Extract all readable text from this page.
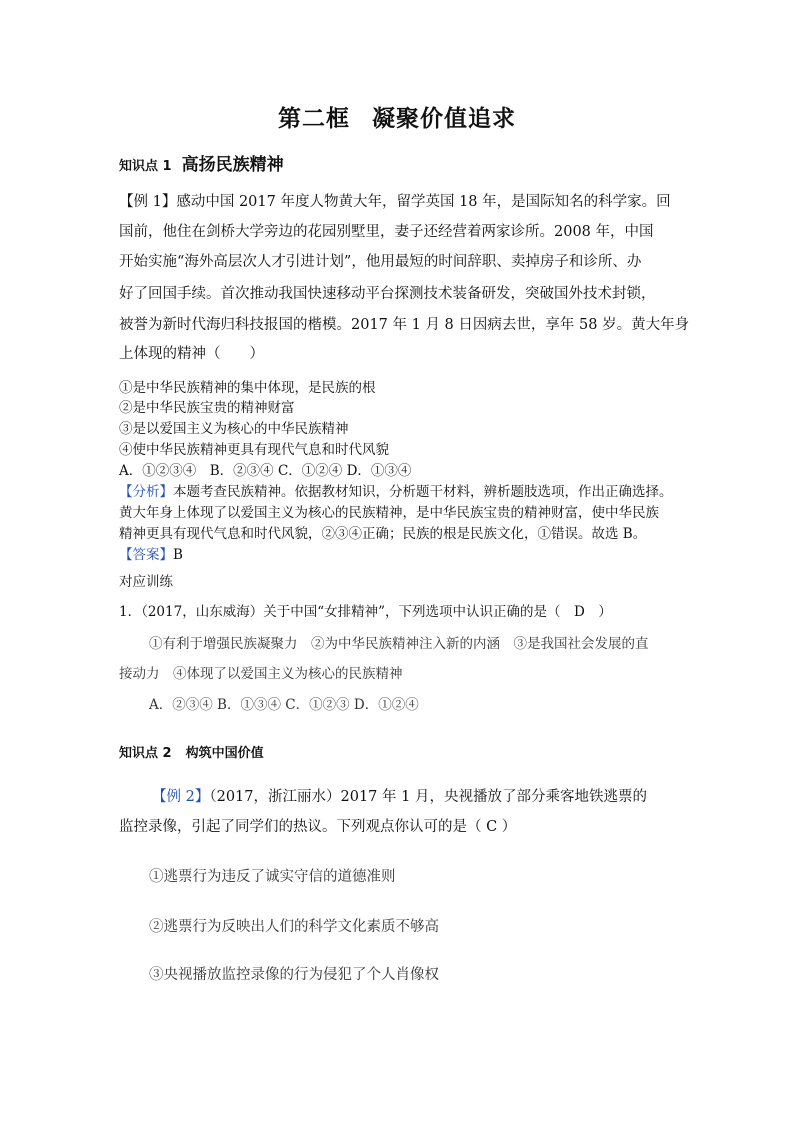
第二框 凝聚价值追求
知识点 1 高扬民族精神
【例 1】感动中国 2017 年度人物黄大年，留学英国 18 年，是国际知名的科学家。回
国前，他住在剑桥大学旁边的花园别墅里，妻子还经营着两家诊所。2008 年，中国
开始实施“海外高层次人才引进计划”，他用最短的时间辞职、卖掉房子和诊所、办
好了回国手续。首次推动我国快速移动平台探测技术装备研发，突破国外技术封锁，
被誉为新时代海归科技报国的楷模。2017 年 1 月 8 日因病去世，享年 58 岁。黄大年身
上体现的精神（　　）
①是中华民族精神的集中体现，是民族的根
②是中华民族宝贵的精神财富
③是以爱国主义为核心的中华民族精神
④使中华民族精神更具有现代气息和时代风貌
A．①②③④　B．②③④ C．①②④ D．①③④
【分析】本题考查民族精神。依据教材知识，分析题干材料，辨析题肢选项，作出正确选择。
黄大年身上体现了以爱国主义为核心的民族精神，是中华民族宝贵的精神财富，使中华民族
精神更具有现代气息和时代风貌，②③④正确；民族的根是民族文化，①错误。故选 B。
【答案】B
对应训练
1．（2017，山东威海）关于中国“女排精神”，下列选项中认识正确的是（　D　）
①有利于增强民族凝聚力　②为中华民族精神注入新的内涵　③是我国社会发展的直
接动力　④体现了以爱国主义为核心的民族精神
A．②③④ B．①③④ C．①②③ D．①②④
知识点 2 构筑中国价值
【例 2】（2017，浙江丽水）2017 年 1 月，央视播放了部分乘客地铁逃票的
监控录像，引起了同学们的热议。下列观点你认可的是（ C ）
①逃票行为违反了诚实守信的道德准则
②逃票行为反映出人们的科学文化素质不够高
③央视播放监控录像的行为侵犯了个人肖像权
